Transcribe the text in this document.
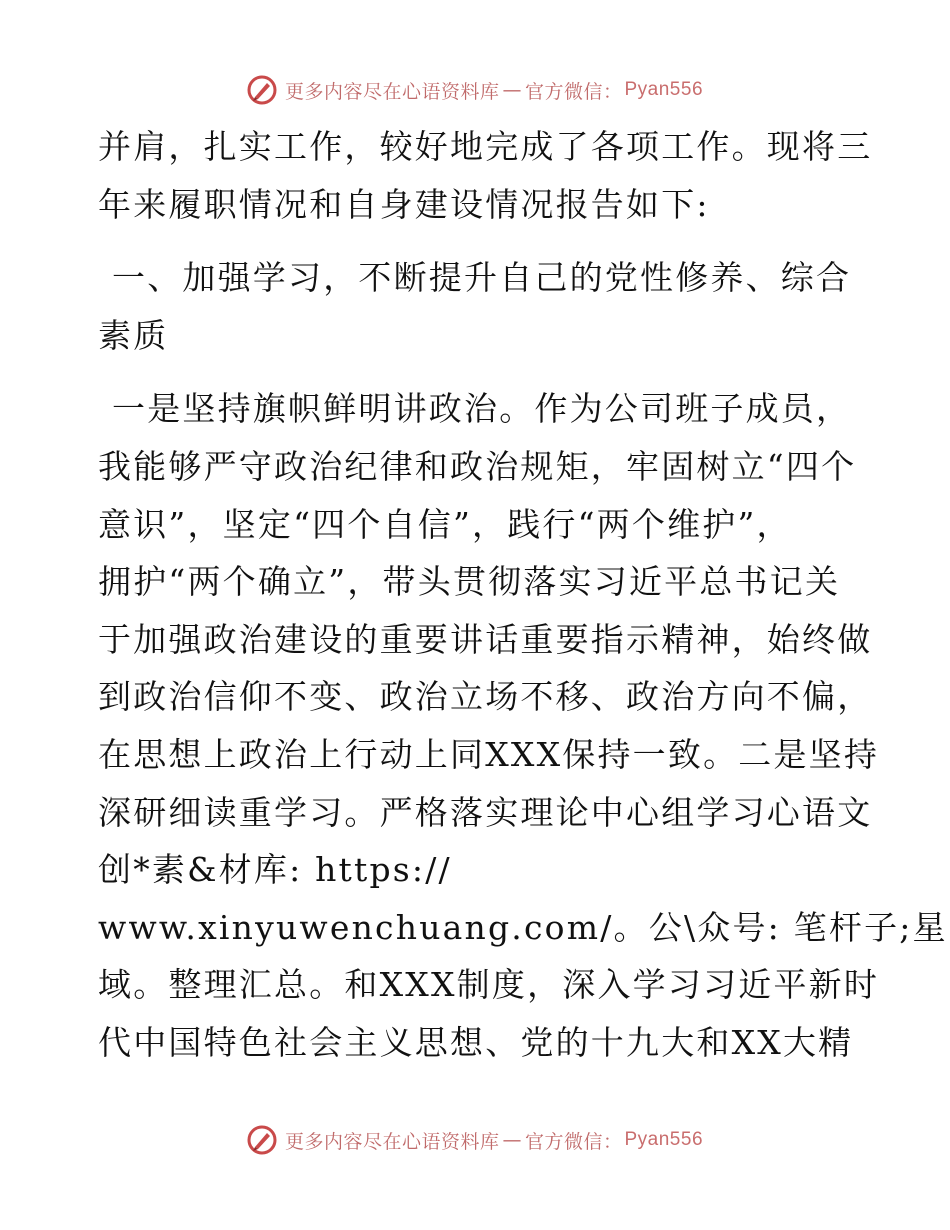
更多内容尽在心语资料库 — 官方微信： Pyan556
并肩，扎实工作，较好地完成了各项工作。现将三
年来履职情况和自身建设情况报告如下:
一、加强学习，不断提升自己的党性修养、综合
素质
一是坚持旗帜鲜明讲政治。作为公司班子成员，
我能够严守政治纪律和政治规矩，牢固树立“四个
意识”，坚定“四个自信”，践行“两个维护”，
拥护“两个确立”，带头贯彻落实习近平总书记关
于加强政治建设的重要讲话重要指示精神，始终做
到政治信仰不变、政治立场不移、政治方向不偏，
在思想上政治上行动上同XXX保持一致。二是坚持
深研细读重学习。严格落实理论中心组学习心语文
创*素&材库: https://
www.xinyuwenchuang.com/。公\众号: 笔杆子;星
域。整理汇总。和XXX制度，深入学习习近平新时
代中国特色社会主义思想、党的十九大和XX大精
更多内容尽在心语资料库 — 官方微信： Pyan556
